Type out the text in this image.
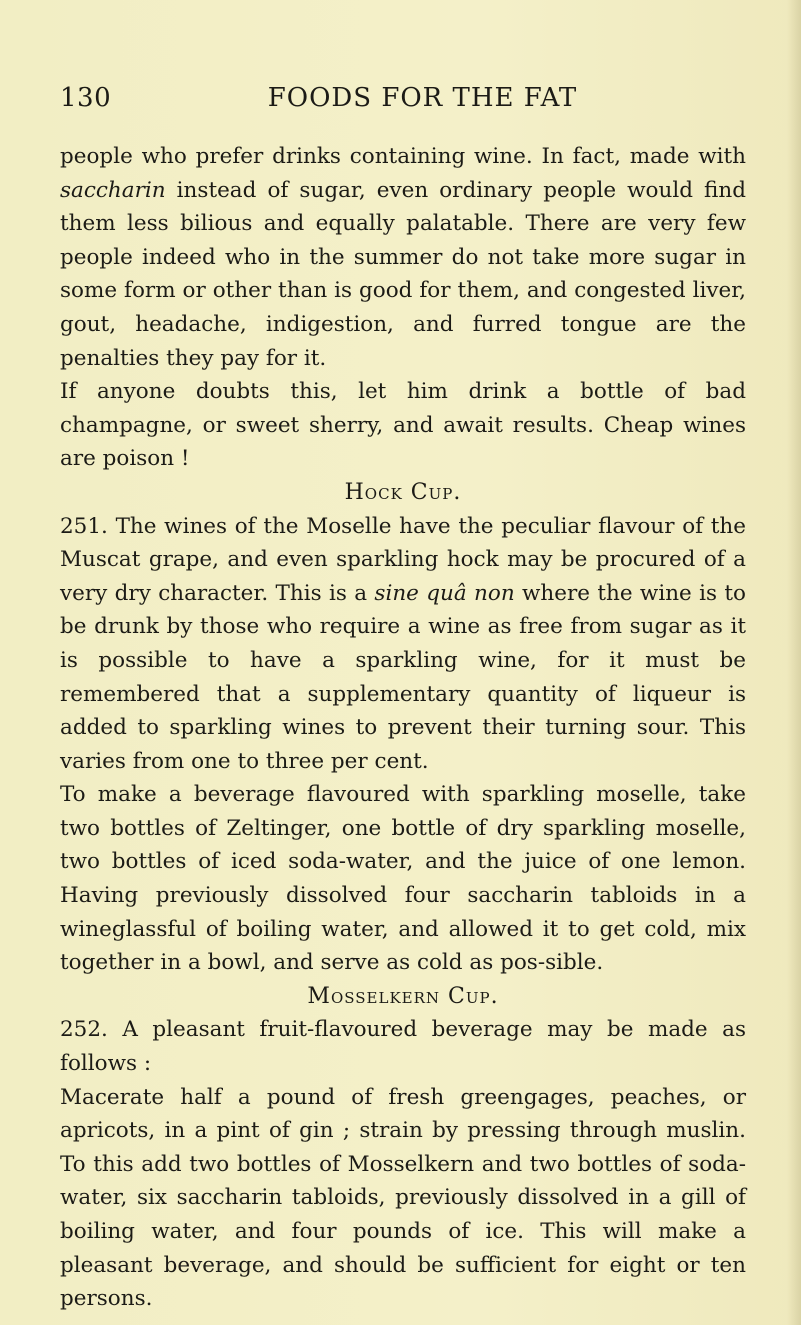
130	FOODS FOR THE FAT

people who prefer drinks containing wine. In fact, made with saccharin instead of sugar, even ordinary people would find them less bilious and equally palatable. There are very few people indeed who in the summer do not take more sugar in some form or other than is good for them, and congested liver, gout, headache, indigestion, and furred tongue are the penalties they pay for it.

If anyone doubts this, let him drink a bottle of bad champagne, or sweet sherry, and await results. Cheap wines are poison !

Hock Cup.

251. The wines of the Moselle have the peculiar flavour of the Muscat grape, and even sparkling hock may be procured of a very dry character. This is a sine quâ non where the wine is to be drunk by those who require a wine as free from sugar as it is possible to have a sparkling wine, for it must be remembered that a supplementary quantity of liqueur is added to sparkling wines to prevent their turning sour. This varies from one to three per cent.

To make a beverage flavoured with sparkling moselle, take two bottles of Zeltinger, one bottle of dry sparkling moselle, two bottles of iced soda-water, and the juice of one lemon. Having previously dissolved four saccharin tabloids in a wineglassful of boiling water, and allowed it to get cold, mix together in a bowl, and serve as cold as pos-sible.

Mosselkern Cup.

252. A pleasant fruit-flavoured beverage may be made as follows :

Macerate half a pound of fresh greengages, peaches, or apricots, in a pint of gin ; strain by pressing through muslin. To this add two bottles of Mosselkern and two bottles of soda-water, six saccharin tabloids, previously dissolved in a gill of boiling water, and four pounds of ice. This will make a pleasant beverage, and should be sufficient for eight or ten persons.
